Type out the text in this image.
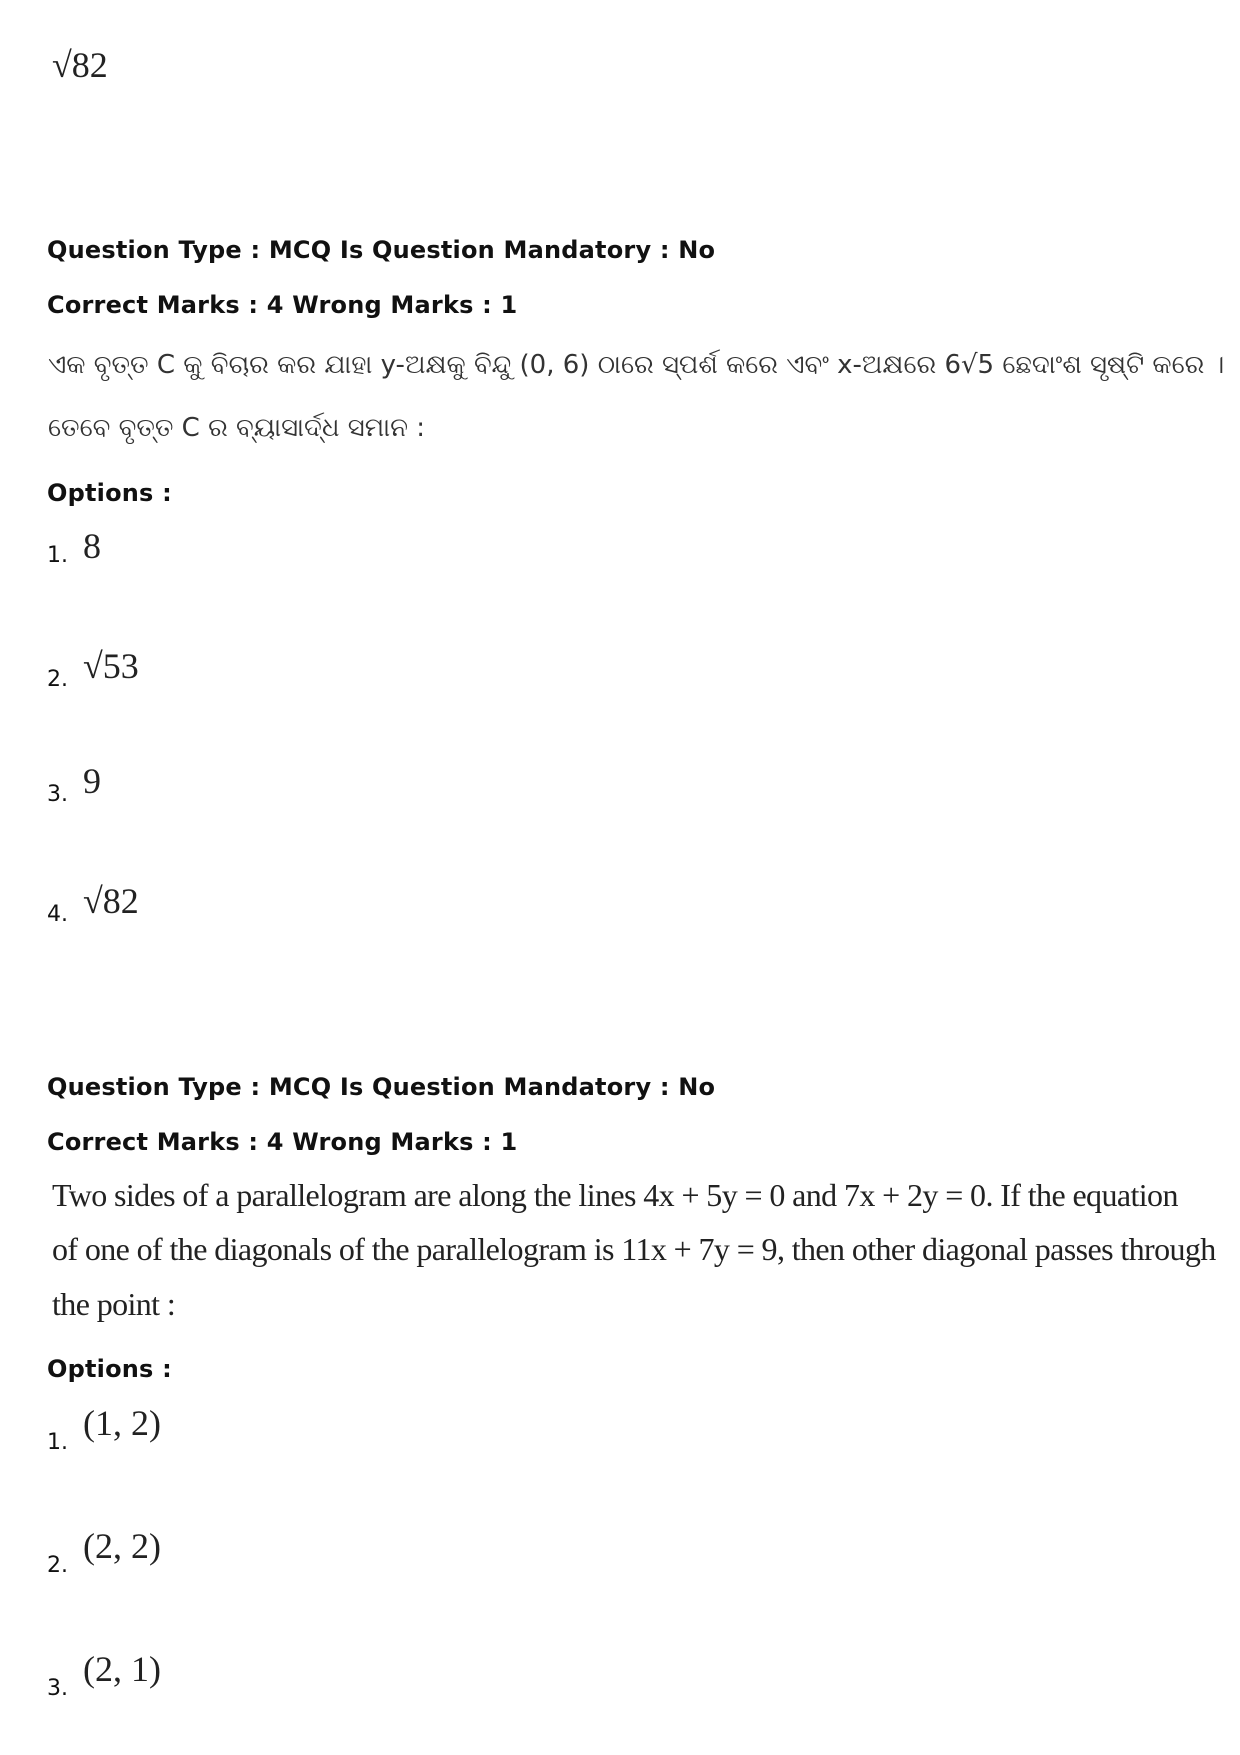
√82
Question Type : MCQ Is Question Mandatory : No
Correct Marks : 4 Wrong Marks : 1
ଏକ ବୃତ୍ତ C କୁ ବିଚାର କର ଯାହା y-ଅକ୍ଷକୁ ବିନ୍ଦୁ (0, 6) ଠାରେ ସ୍ପର୍ଶ କରେ ଏବଂ x-ଅକ୍ଷରେ 6√5 ଛେଦାଂଶ ସୃଷ୍ଟି କରେ ।
ତେବେ ବୃତ୍ତ C ର ବ୍ୟାସାର୍ଦ୍ଧ ସମାନ :
Options :
1. 8
2. √53
3. 9
4. √82
Question Type : MCQ Is Question Mandatory : No
Correct Marks : 4 Wrong Marks : 1
Two sides of a parallelogram are along the lines 4x + 5y = 0 and 7x + 2y = 0. If the equation
of one of the diagonals of the parallelogram is 11x + 7y = 9, then other diagonal passes through
the point :
Options :
1. (1, 2)
2. (2, 2)
3. (2, 1)
